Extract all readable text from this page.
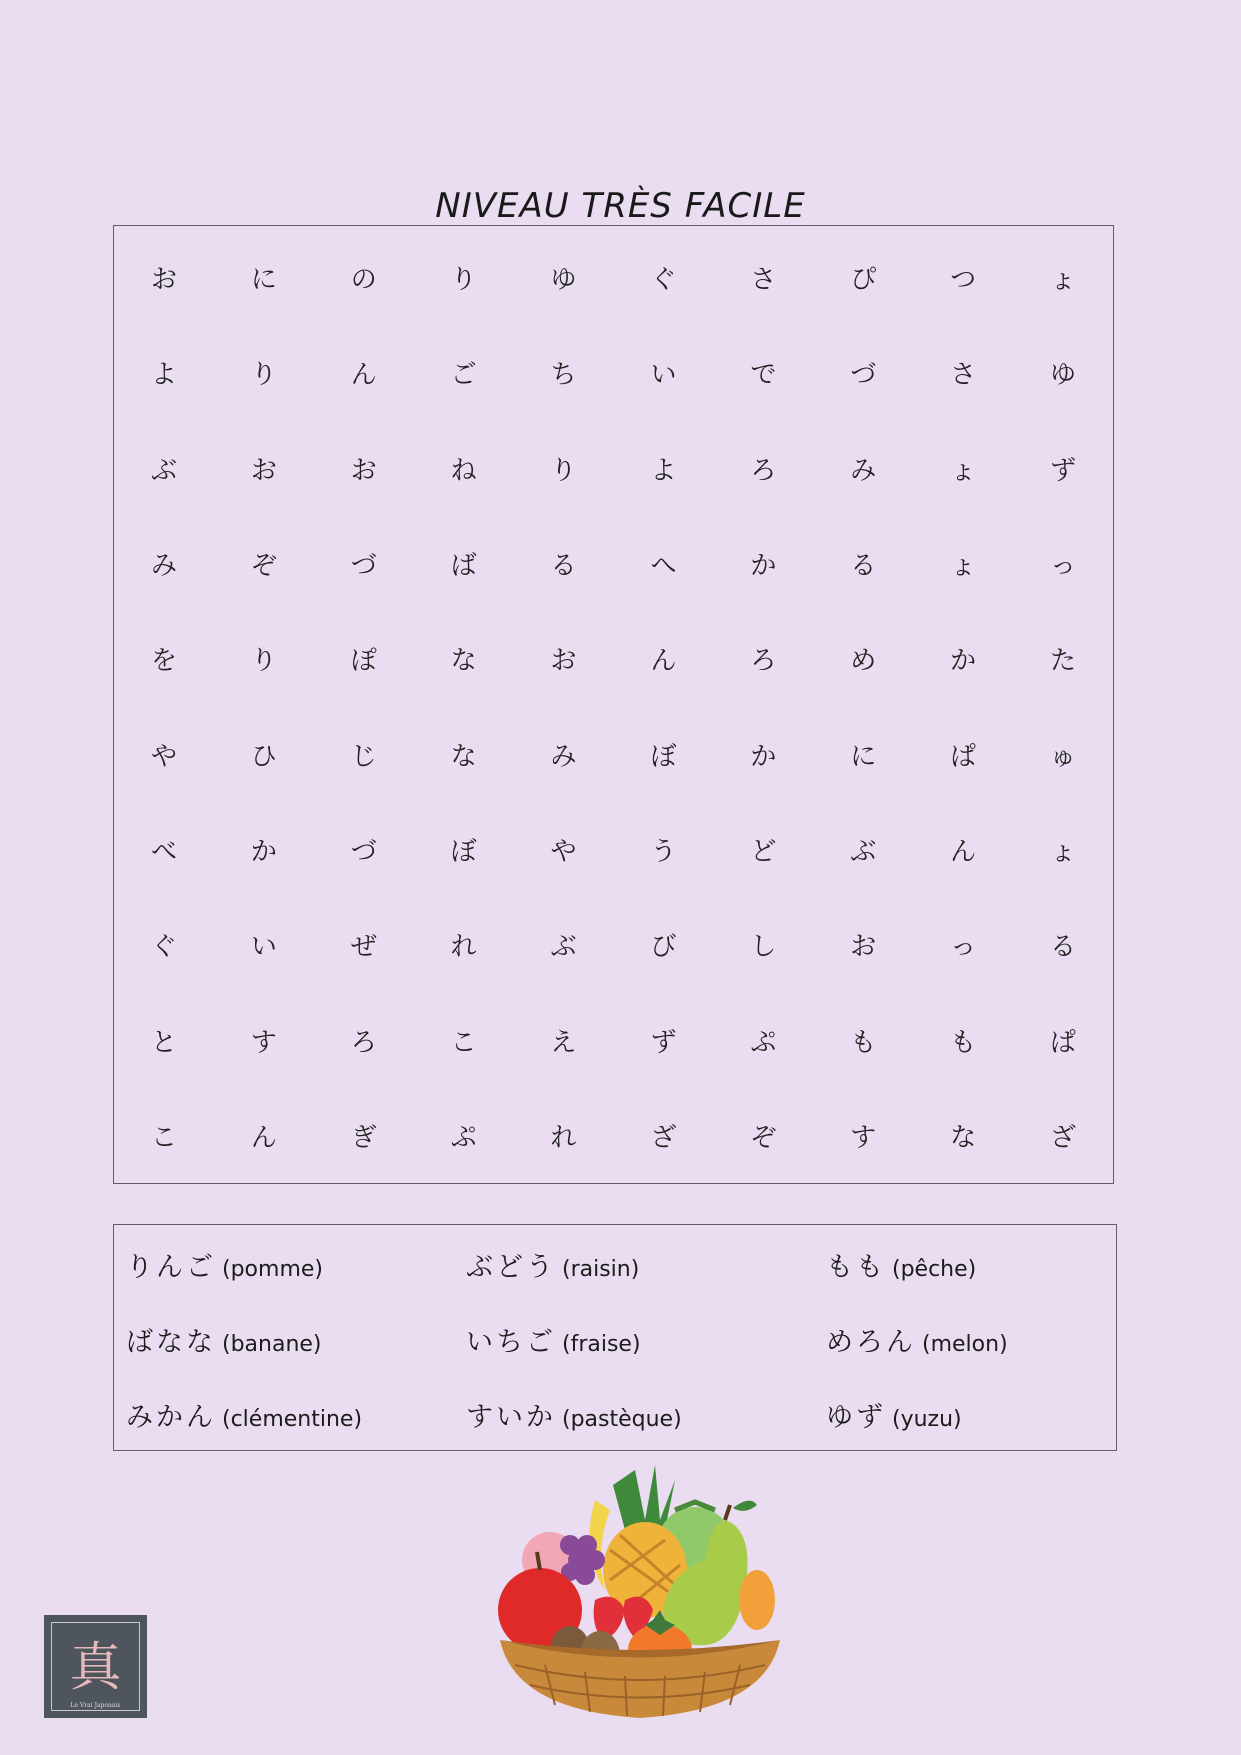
NIVEAU TRÈS FACILE
お	に	の	り	ゆ	ぐ	さ	ぴ	つ	ょ
よ	り	ん	ご	ち	い	で	づ	さ	ゆ
ぶ	お	お	ね	り	よ	ろ	み	ょ	ず
み	ぞ	づ	ば	る	へ	か	る	ょ	っ
を	り	ぽ	な	お	ん	ろ	め	か	た
や	ひ	じ	な	み	ぼ	か	に	ぱ	ゅ
べ	か	づ	ぼ	や	う	ど	ぶ	ん	ょ
ぐ	い	ぜ	れ	ぶ	び	し	お	っ	る
と	す	ろ	こ	え	ず	ぷ	も	も	ぱ
こ	ん	ぎ	ぷ	れ	ざ	ぞ	す	な	ざ
りんご (pomme)	ぶどう (raisin)	もも (pêche)
ばなな (banane)	いちご (fraise)	めろん (melon)
みかん (clémentine)	すいか (pastèque)	ゆず (yuzu)
真
Le Vrai Japonais
